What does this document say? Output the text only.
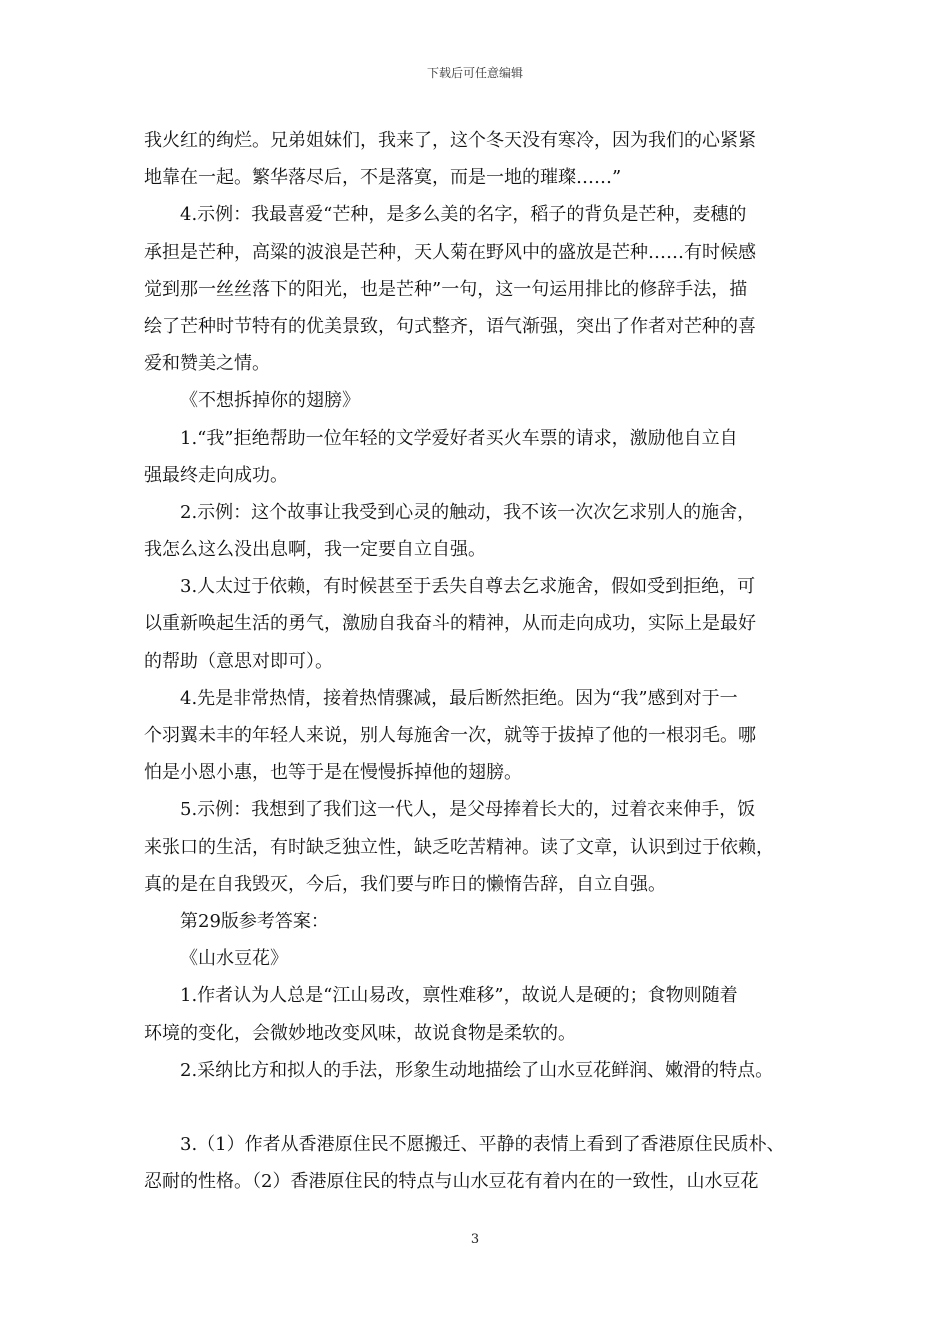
下载后可任意编辑
我火红的绚烂。兄弟姐妹们，我来了，这个冬天没有寒冷，因为我们的心紧紧
地靠在一起。繁华落尽后，不是落寞，而是一地的璀璨……”
4.示例：我最喜爱“芒种，是多么美的名字，稻子的背负是芒种，麦穗的
承担是芒种，高粱的波浪是芒种，天人菊在野风中的盛放是芒种……有时候感
觉到那一丝丝落下的阳光，也是芒种”一句，这一句运用排比的修辞手法，描
绘了芒种时节特有的优美景致，句式整齐，语气渐强，突出了作者对芒种的喜
爱和赞美之情。
《不想拆掉你的翅膀》
1.“我”拒绝帮助一位年轻的文学爱好者买火车票的请求，激励他自立自
强最终走向成功。
2.示例：这个故事让我受到心灵的触动，我不该一次次乞求别人的施舍，
我怎么这么没出息啊，我一定要自立自强。
3.人太过于依赖，有时候甚至于丢失自尊去乞求施舍，假如受到拒绝，可
以重新唤起生活的勇气，激励自我奋斗的精神，从而走向成功，实际上是最好
的帮助（意思对即可）。
4.先是非常热情，接着热情骤减，最后断然拒绝。因为“我”感到对于一
个羽翼未丰的年轻人来说，别人每施舍一次，就等于拔掉了他的一根羽毛。哪
怕是小恩小惠，也等于是在慢慢拆掉他的翅膀。
5.示例：我想到了我们这一代人，是父母捧着长大的，过着衣来伸手，饭
来张口的生活，有时缺乏独立性，缺乏吃苦精神。读了文章，认识到过于依赖，
真的是在自我毁灭，今后，我们要与昨日的懒惰告辞，自立自强。
第29版参考答案：
《山水豆花》
1.作者认为人总是“江山易改，禀性难移”，故说人是硬的；食物则随着
环境的变化，会微妙地改变风味，故说食物是柔软的。
2.采纳比方和拟人的手法，形象生动地描绘了山水豆花鲜润、嫩滑的特点。
3.（1）作者从香港原住民不愿搬迁、平静的表情上看到了香港原住民质朴、
忍耐的性格。（2）香港原住民的特点与山水豆花有着内在的一致性，山水豆花
3
